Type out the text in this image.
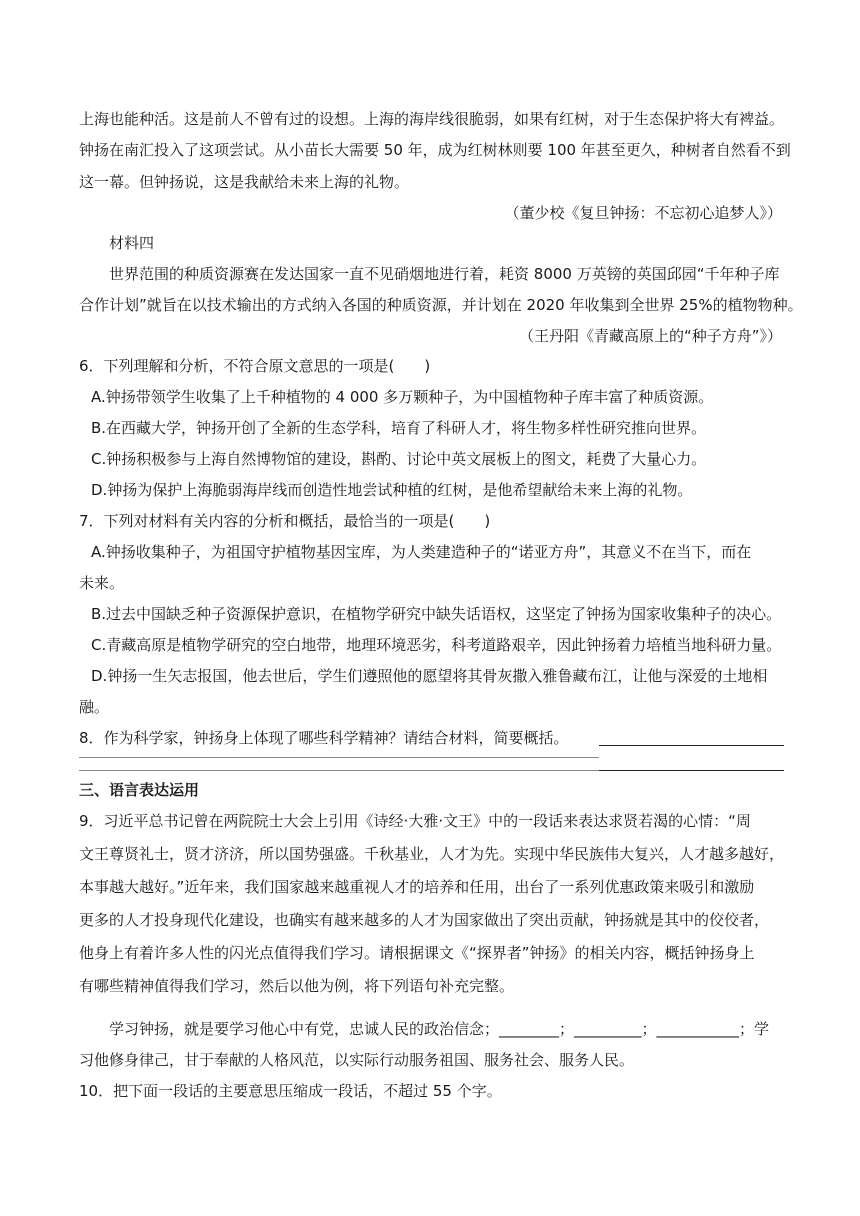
上海也能种活。这是前人不曾有过的设想。上海的海岸线很脆弱，如果有红树，对于生态保护将大有裨益。
钟扬在南汇投入了这项尝试。从小苗长大需要 50 年，成为红树林则要 100 年甚至更久，种树者自然看不到
这一幕。但钟扬说，这是我献给未来上海的礼物。
（董少校《复旦钟扬：不忘初心追梦人》）
材料四
世界范围的种质资源赛在发达国家一直不见硝烟地进行着，耗资 8000 万英镑的英国邱园“千年种子库
合作计划”就旨在以技术输出的方式纳入各国的种质资源，并计划在 2020 年收集到全世界 25%的植物物种。
（王丹阳《青藏高原上的“种子方舟”》）
6．下列理解和分析，不符合原文意思的一项是(　　)
A.钟扬带领学生收集了上千种植物的 4 000 多万颗种子，为中国植物种子库丰富了种质资源。
B.在西藏大学，钟扬开创了全新的生态学科，培育了科研人才，将生物多样性研究推向世界。
C.钟扬积极参与上海自然博物馆的建设，斟酌、讨论中英文展板上的图文，耗费了大量心力。
D.钟扬为保护上海脆弱海岸线而创造性地尝试种植的红树，是他希望献给未来上海的礼物。
7．下列对材料有关内容的分析和概括，最恰当的一项是(　　)
A.钟扬收集种子，为祖国守护植物基因宝库，为人类建造种子的“诺亚方舟”，其意义不在当下，而在
未来。
B.过去中国缺乏种子资源保护意识，在植物学研究中缺失话语权，这坚定了钟扬为国家收集种子的决心。
C.青藏高原是植物学研究的空白地带，地理环境恶劣，科考道路艰辛，因此钟扬着力培植当地科研力量。
D.钟扬一生矢志报国，他去世后，学生们遵照他的愿望将其骨灰撒入雅鲁藏布江，让他与深爱的土地相
融。
8．作为科学家，钟扬身上体现了哪些科学精神？请结合材料，简要概括。
三、语言表达运用
9．习近平总书记曾在两院院士大会上引用《诗经·大雅·文王》中的一段话来表达求贤若渴的心情：“周
文王尊贤礼士，贤才济济，所以国势强盛。千秋基业，人才为先。实现中华民族伟大复兴，人才越多越好，
本事越大越好。”近年来，我们国家越来越重视人才的培养和任用，出台了一系列优惠政策来吸引和激励
更多的人才投身现代化建设，也确实有越来越多的人才为国家做出了突出贡献，钟扬就是其中的佼佼者，
他身上有着许多人性的闪光点值得我们学习。请根据课文《“探界者”钟扬》的相关内容，概括钟扬身上
有哪些精神值得我们学习，然后以他为例，将下列语句补充完整。
学习钟扬，就是要学习他心中有党，忠诚人民的政治信念；________；_________；___________；学
习他修身律己，甘于奉献的人格风范，以实际行动服务祖国、服务社会、服务人民。
10．把下面一段话的主要意思压缩成一段话，不超过 55 个字。
